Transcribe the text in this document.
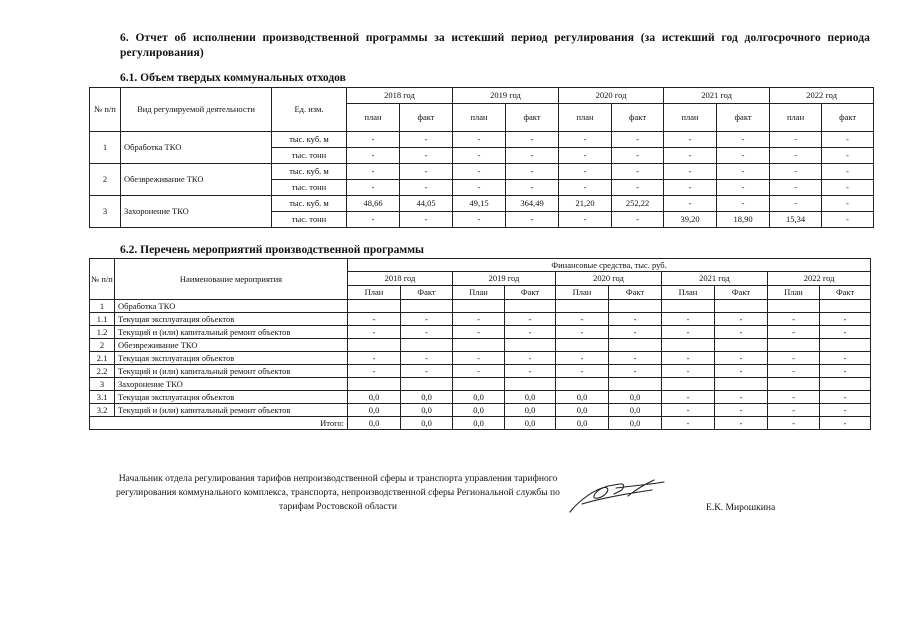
6. Отчет об исполнении производственной программы за истекший период регулирования (за истекший год долгосрочного периода регулирования)
6.1. Объем твердых коммунальных отходов
№ п/п	Вид регулируемой деятельности	Ед. изм.	2018 год		2019 год		2020 год		2021 год		2022 год	
			план	факт	план	факт	план	факт	план	факт	план	факт
1	Обработка ТКО	тыс. куб. м	-	-	-	-	-	-	-	-	-	-
		тыс. тонн	-	-	-	-	-	-	-	-	-	-
2	Обезвреживание ТКО	тыс. куб. м	-	-	-	-	-	-	-	-	-	-
		тыс. тонн	-	-	-	-	-	-	-	-	-	-
3	Захоронение ТКО	тыс. куб. м	48,66	44,05	49,15	364,49	21,20	252,22	-	-	-	-
		тыс. тонн	-	-	-	-	-	-	39,20	18,90	15,34	-
6.2. Перечень мероприятий производственной программы
№ п/п	Наименование мероприятия	Финансовые средства, тыс. руб.									
		2018 год		2019 год		2020 год		2021 год		2022 год	
		План	Факт	План	Факт	План	Факт	План	Факт	План	Факт
1	Обработка ТКО										
1.1	Текущая эксплуатация объектов	-	-	-	-	-	-	-	-	-	-
1.2	Текущий и (или) капитальный ремонт объектов	-	-	-	-	-	-	-	-	-	-
2	Обезвреживание ТКО										
2.1	Текущая эксплуатация объектов	-	-	-	-	-	-	-	-	-	-
2.2	Текущий и (или) капитальный ремонт объектов	-	-	-	-	-	-	-	-	-	-
3	Захоронение ТКО										
3.1	Текущая эксплуатация объектов	0,0	0,0	0,0	0,0	0,0	0,0	-	-	-	-
3.2	Текущий и (или) капитальный ремонт объектов	0,0	0,0	0,0	0,0	0,0	0,0	-	-	-	-
Итого:		0,0	0,0	0,0	0,0	0,0	0,0	-	-	-	-
Начальник отдела регулирования тарифов непроизводственной сферы и транспорта управления тарифного регулирования коммунального комплекса, транспорта, непроизводственной сферы Региональной службы по тарифам Ростовской области	Е.К. Мирошкина
